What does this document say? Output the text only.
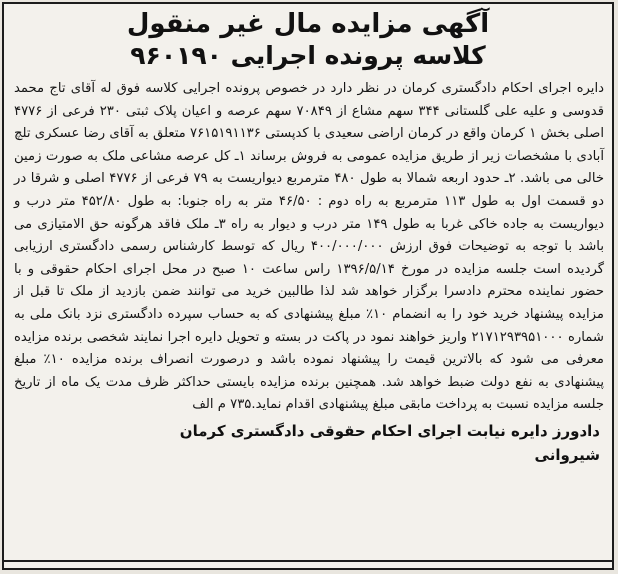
آگهی مزایده مال غیر منقول
کلاسه پرونده اجرایی ۹۶۰۱۹۰
دایره اجرای احکام دادگستری کرمان در نظر دارد در خصوص پرونده اجرایی کلاسه فوق له آقای تاج محمد قدوسی و علیه علی گلستانی ۳۴۴ سهم مشاع از ۷۰۸۴۹ سهم عرصه و اعیان پلاک ثبتی ۲۳۰ فرعی از ۴۷۷۶ اصلی بخش ۱ کرمان واقع در کرمان اراضی سعیدی با کدپستی ۷۶۱۵۱۹۱۱۳۶ متعلق به آقای رضا عسکری تلچ آبادی با مشخصات زیر از طریق مزایده عمومی به فروش برساند ۱ـ کل عرصه مشاعی ملک به صورت زمین خالی می باشد. ۲ـ حدود اربعه شمالا به طول ۴۸۰ مترمربع دیواریست به ۷۹ فرعی از ۴۷۷۶ اصلی و شرقا در دو قسمت اول به طول ۱۱۳ مترمربع به راه دوم : ۴۶/۵۰ متر به راه جنوبا: به طول ۴۵۲/۸۰ متر درب و دیواریست به جاده خاکی غربا به طول ۱۴۹ متر درب و دیوار به راه ۳ـ ملک فاقد هرگونه حق الامتیازی می باشد با توجه به توضیحات فوق ارزش ۴۰۰/۰۰۰/۰۰۰ ریال که توسط کارشناس رسمی دادگستری ارزیابی گردیده است جلسه مزایده در مورخ ۱۳۹۶/۵/۱۴ راس ساعت ۱۰ صبح در محل اجرای احکام حقوقی و با حضور نماینده محترم دادسرا برگزار خواهد شد لذا طالبین خرید می توانند ضمن بازدید از ملک تا قبل از مزایده پیشنهاد خرید خود را به انضمام ۱۰٪ مبلغ پیشنهادی که به حساب سپرده دادگستری نزد بانک ملی به شماره ۲۱۷۱۲۹۳۹۵۱۰۰۰ واریز خواهند نمود در پاکت در بسته و تحویل دایره اجرا نمایند شخصی برنده مزایده معرفی می شود که بالاترین قیمت را پیشنهاد نموده باشد و درصورت انصراف برنده مزایده ۱۰٪ مبلغ پیشنهادی به نفع دولت ضبط خواهد شد. همچنین برنده مزایده بایستی حداکثر ظرف مدت یک ماه از تاریخ جلسه مزایده نسبت به پرداخت مابقی مبلغ پیشنهادی اقدام نماید.۷۳۵ م الف
دادورز دایره نیابت اجرای احکام حقوقی دادگستری کرمان
شیروانی
